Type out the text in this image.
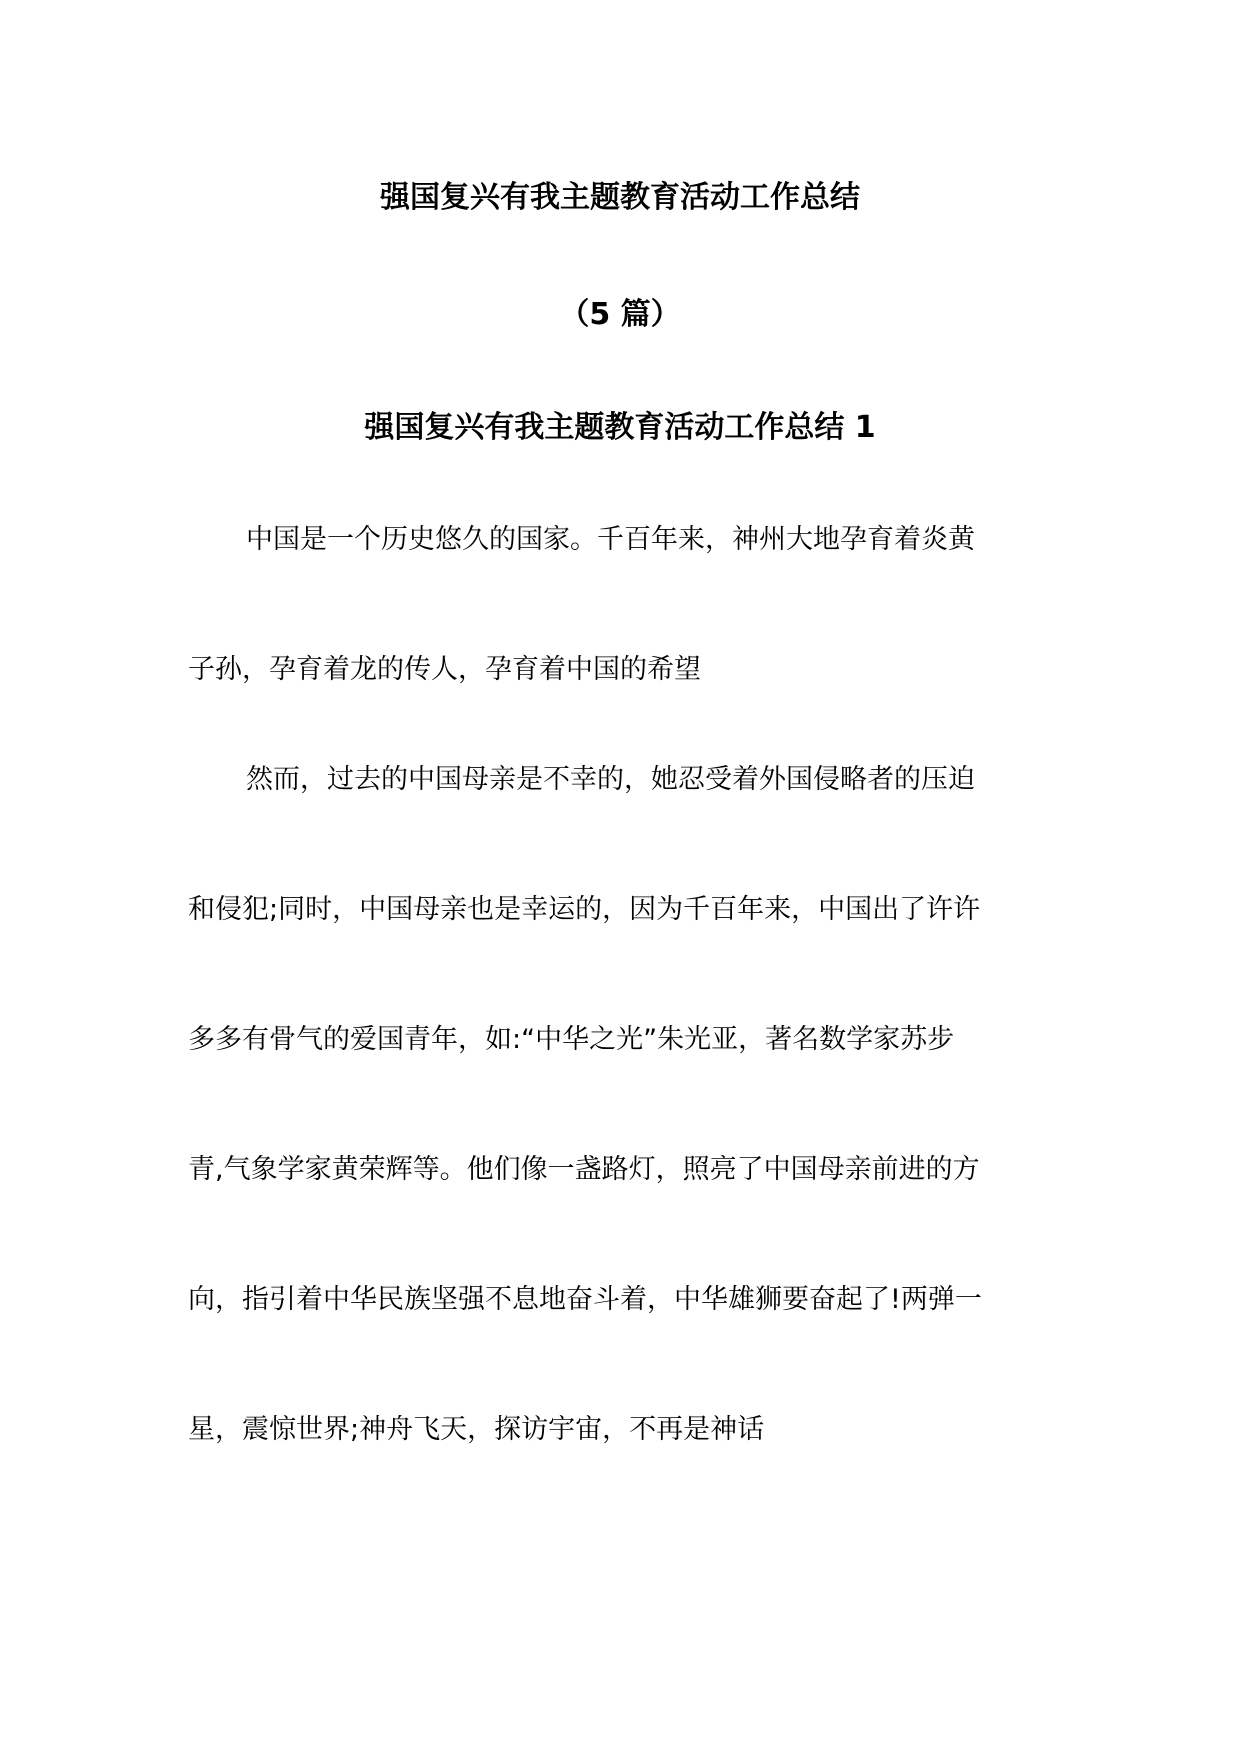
强国复兴有我主题教育活动工作总结
（5 篇）
强国复兴有我主题教育活动工作总结 1
中国是一个历史悠久的国家。千百年来，神州大地孕育着炎黄
子孙，孕育着龙的传人，孕育着中国的希望
然而，过去的中国母亲是不幸的，她忍受着外国侵略者的压迫
和侵犯;同时，中国母亲也是幸运的，因为千百年来，中国出了许许
多多有骨气的爱国青年，如:“中华之光”朱光亚，著名数学家苏步
青,气象学家黄荣辉等。他们像一盏路灯，照亮了中国母亲前进的方
向，指引着中华民族坚强不息地奋斗着，中华雄狮要奋起了!两弹一
星，震惊世界;神舟飞天，探访宇宙，不再是神话
